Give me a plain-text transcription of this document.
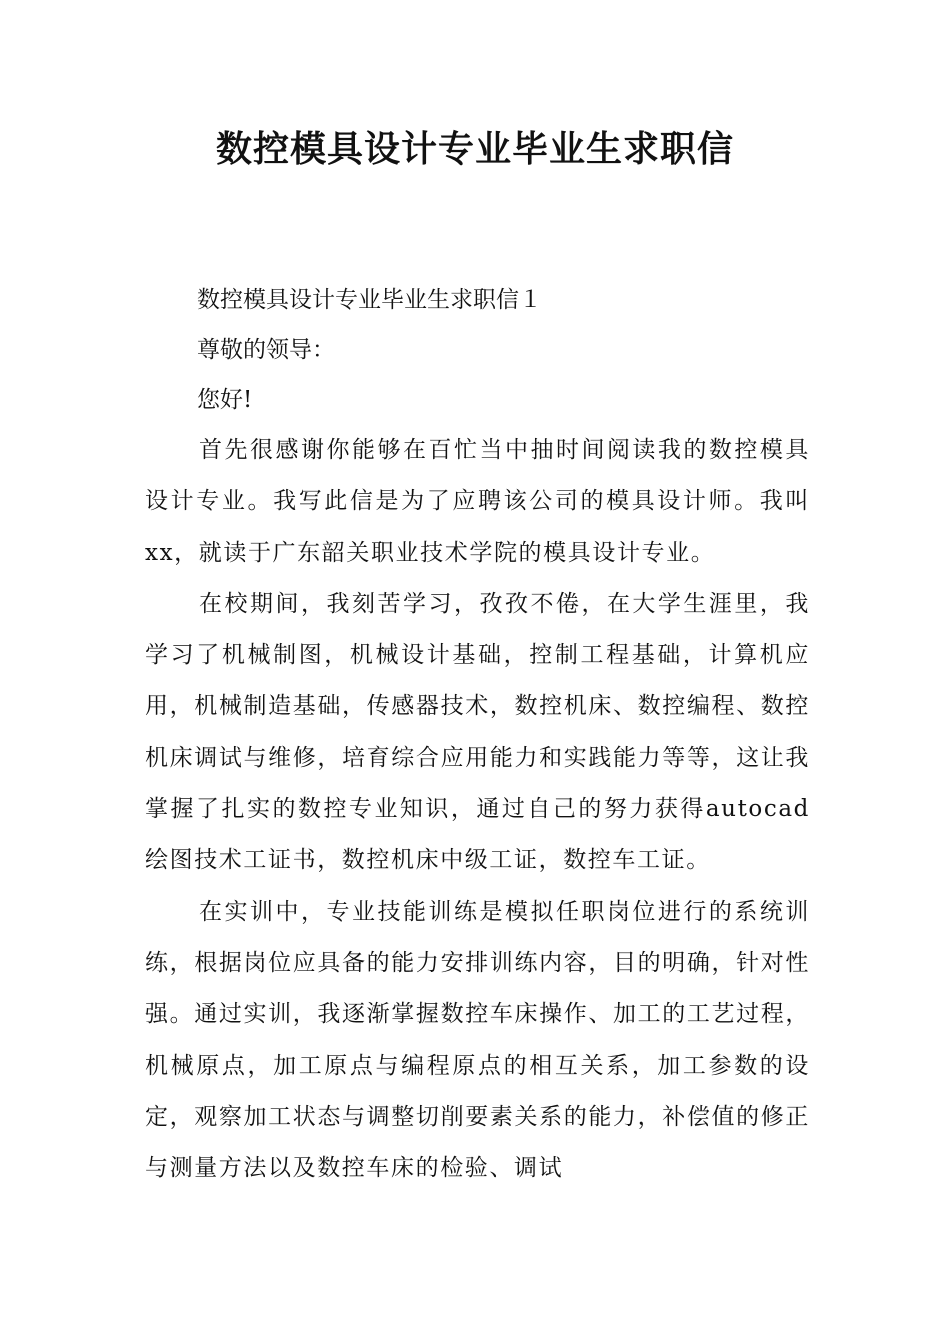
数控模具设计专业毕业生求职信

数控模具设计专业毕业生求职信１

尊敬的领导：

您好!

首先很感谢你能够在百忙当中抽时间阅读我的数控模具设计专业。我写此信是为了应聘该公司的模具设计师。我叫xx，就读于广东韶关职业技术学院的模具设计专业。

在校期间，我刻苦学习，孜孜不倦，在大学生涯里，我学习了机械制图，机械设计基础，控制工程基础，计算机应用，机械制造基础，传感器技术，数控机床、数控编程、数控机床调试与维修，培育综合应用能力和实践能力等等，这让我掌握了扎实的数控专业知识，通过自己的努力获得autocad绘图技术工证书，数控机床中级工证，数控车工证。

在实训中，专业技能训练是模拟任职岗位进行的系统训练，根据岗位应具备的能力安排训练内容，目的明确，针对性强。通过实训，我逐渐掌握数控车床操作、加工的工艺过程，机械原点，加工原点与编程原点的相互关系，加工参数的设定，观察加工状态与调整切削要素关系的能力，补偿值的修正与测量方法以及数控车床的检验、调试
